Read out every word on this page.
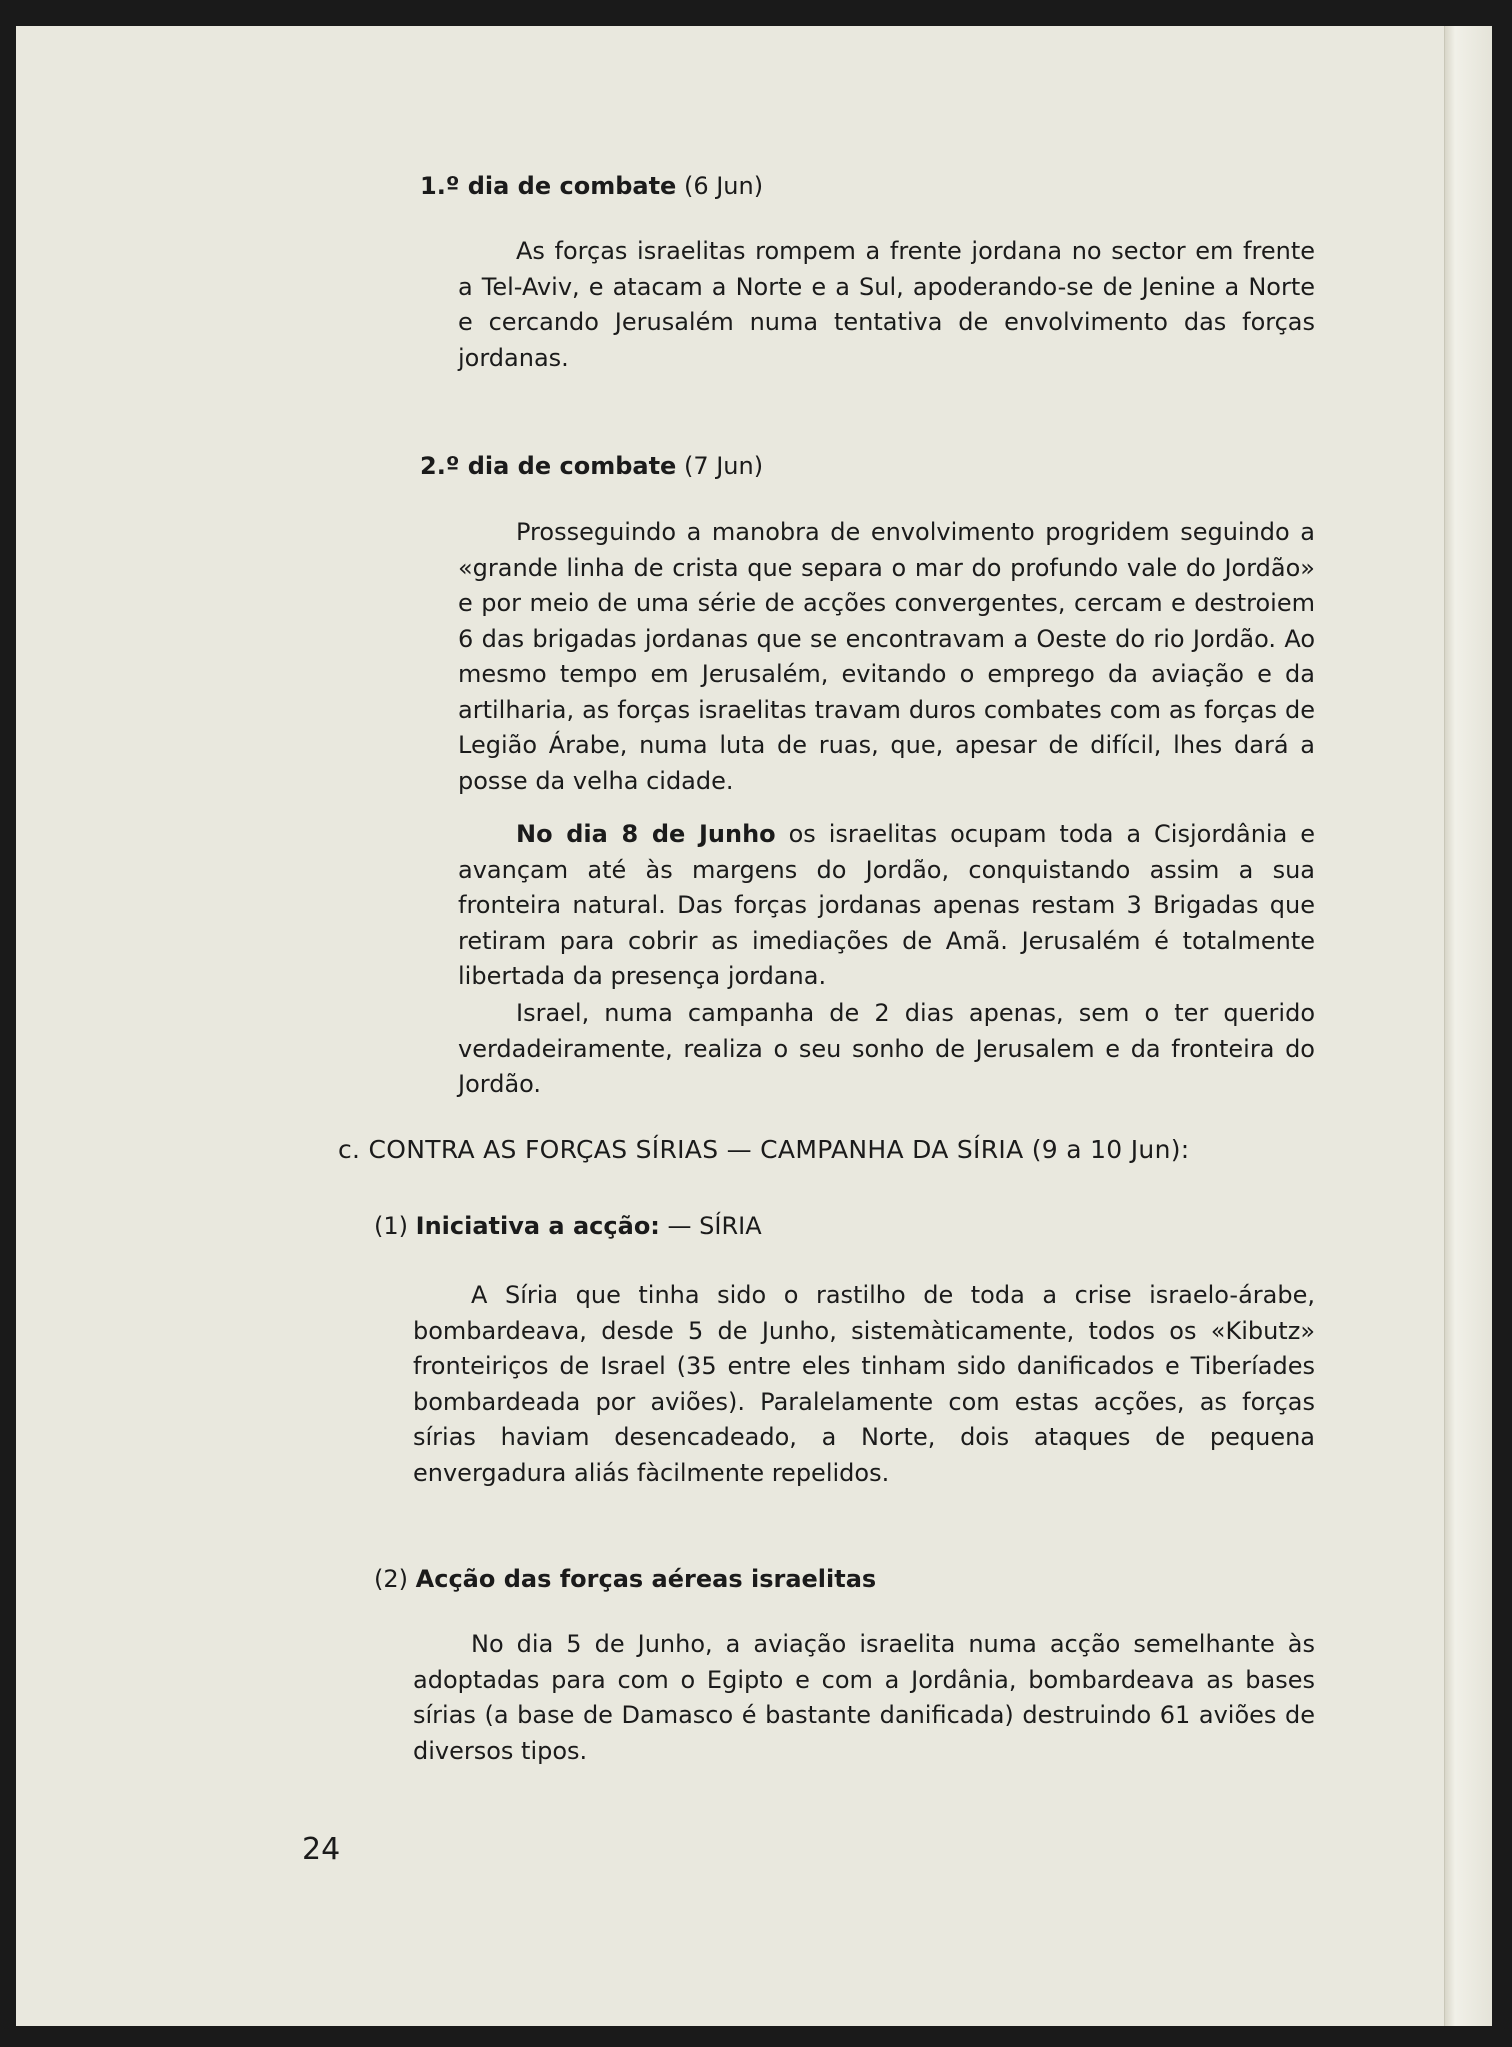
1.º dia de combate (6 Jun)

As forças israelitas rompem a frente jordana no sector em frente a Tel-Aviv, e atacam a Norte e a Sul, apoderando-se de Jenine a Norte e cercando Jerusalém numa tentativa de envolvimento das forças jordanas.

2.º dia de combate (7 Jun)

Prosseguindo a manobra de envolvimento progridem seguindo a «grande linha de crista que separa o mar do profundo vale do Jordão» e por meio de uma série de acções convergentes, cercam e destroiem 6 das brigadas jordanas que se encontravam a Oeste do rio Jordão. Ao mesmo tempo em Jerusalém, evitando o emprego da aviação e da artilharia, as forças israelitas travam duros combates com as forças de Legião Árabe, numa luta de ruas, que, apesar de difícil, lhes dará a posse da velha cidade.

No dia 8 de Junho os israelitas ocupam toda a Cisjordânia e avançam até às margens do Jordão, conquistando assim a sua fronteira natural. Das forças jordanas apenas restam 3 Brigadas que retiram para cobrir as imediações de Amã. Jerusalém é totalmente libertada da presença jordana.

Israel, numa campanha de 2 dias apenas, sem o ter querido verdadeiramente, realiza o seu sonho de Jerusalem e da fronteira do Jordão.

c. CONTRA AS FORÇAS SÍRIAS — CAMPANHA DA SÍRIA (9 a 10 Jun):
(1) Iniciativa a acção: — SÍRIA

A Síria que tinha sido o rastilho de toda a crise israelo-árabe, bombardeava, desde 5 de Junho, sistemàticamente, todos os «Kibutz» fronteiriços de Israel (35 entre eles tinham sido danificados e Tiberíades bombardeada por aviões). Paralelamente com estas acções, as forças sírias haviam desencadeado, a Norte, dois ataques de pequena envergadura aliás fàcilmente repelidos.

(2) Acção das forças aéreas israelitas

No dia 5 de Junho, a aviação israelita numa acção semelhante às adoptadas para com o Egipto e com a Jordânia, bombardeava as bases sírias (a base de Damasco é bastante danificada) destruindo 61 aviões de diversos tipos.

24
